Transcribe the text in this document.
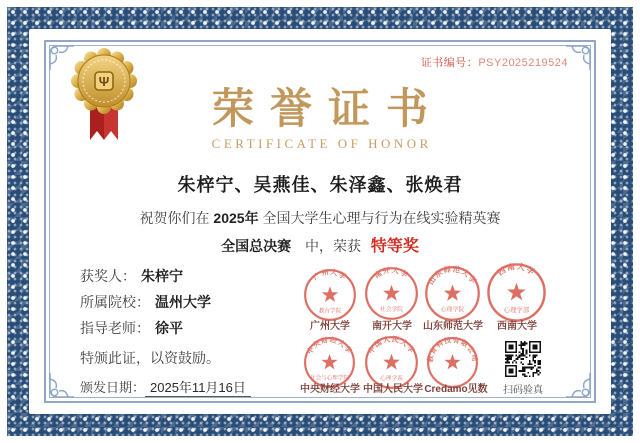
Ψ
证书编号：PSY2025219524
荣誉证书
CERTIFICATE OF HONOR
朱梓宁、吴燕佳、朱泽鑫、张焕君
祝贺你们在 2025年 全国大学生心理与行为在线实验精英赛
全国总决赛 中，荣获 特等奖
获奖人： 朱梓宁
所属院校： 温州大学
指导老师： 徐平
特颁此证，以资鼓励。
颁发日期： 2025年11月16日
广州大学
教育学院
南开大学
社会学院
山东师范大学
心理学院
西南大学
心理学部
中央财经大学
社会与心理学院
中国人民大学
心理学系
教育科技有限公司
广州大学	南开大学	山东师范大学	西南大学
中央财经大学 中国人民大学 Credamo见数	扫码验真
